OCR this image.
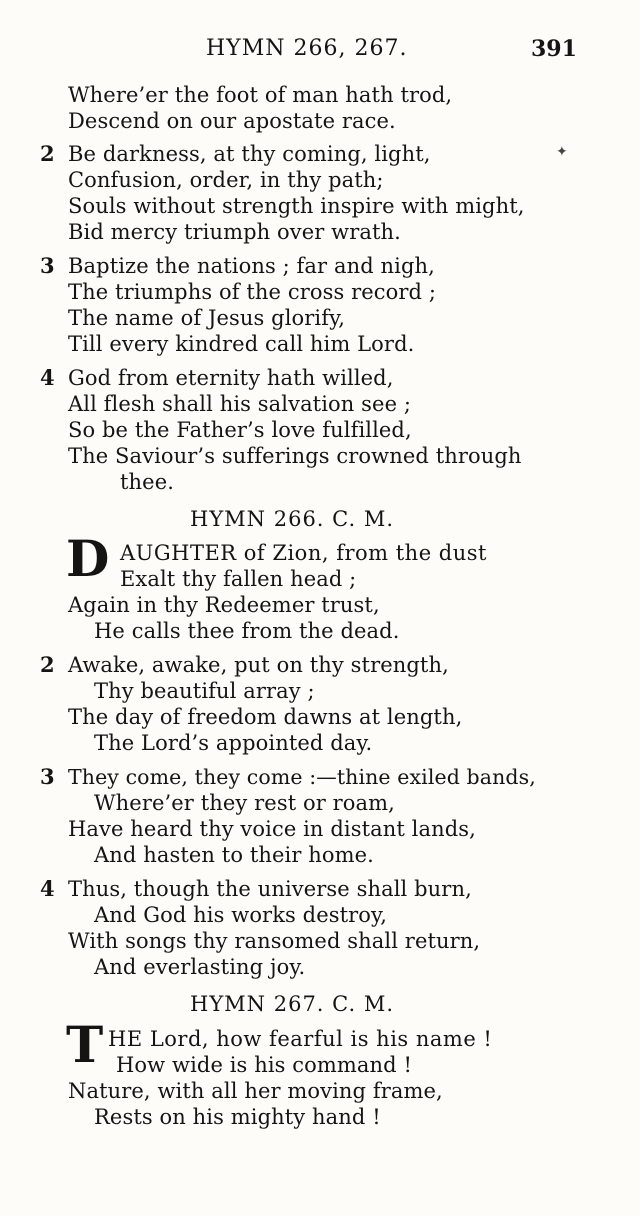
HYMN 266, 267.	391
Where’er the foot of man hath trod,
Descend on our apostate race.
2 Be darkness, at thy coming, light,
Confusion, order, in thy path;
Souls without strength inspire with might,
Bid mercy triumph over wrath.
3 Baptize the nations ; far and nigh,
The triumphs of the cross record ;
The name of Jesus glorify,
Till every kindred call him Lord.
4 God from eternity hath willed,
All flesh shall his salvation see ;
So be the Father’s love fulfilled,
The Saviour’s sufferings crowned through
thee.
HYMN 266. C. M.
D AUGHTER of Zion, from the dust
Exalt thy fallen head ;
Again in thy Redeemer trust,
He calls thee from the dead.
2 Awake, awake, put on thy strength,
Thy beautiful array ;
The day of freedom dawns at length,
The Lord’s appointed day.
3 They come, they come :—thine exiled bands,
Where’er they rest or roam,
Have heard thy voice in distant lands,
And hasten to their home.
4 Thus, though the universe shall burn,
And God his works destroy,
With songs thy ransomed shall return,
And everlasting joy.
HYMN 267. C. M.
T HE Lord, how fearful is his name !
How wide is his command !
Nature, with all her moving frame,
Rests on his mighty hand !
✦
